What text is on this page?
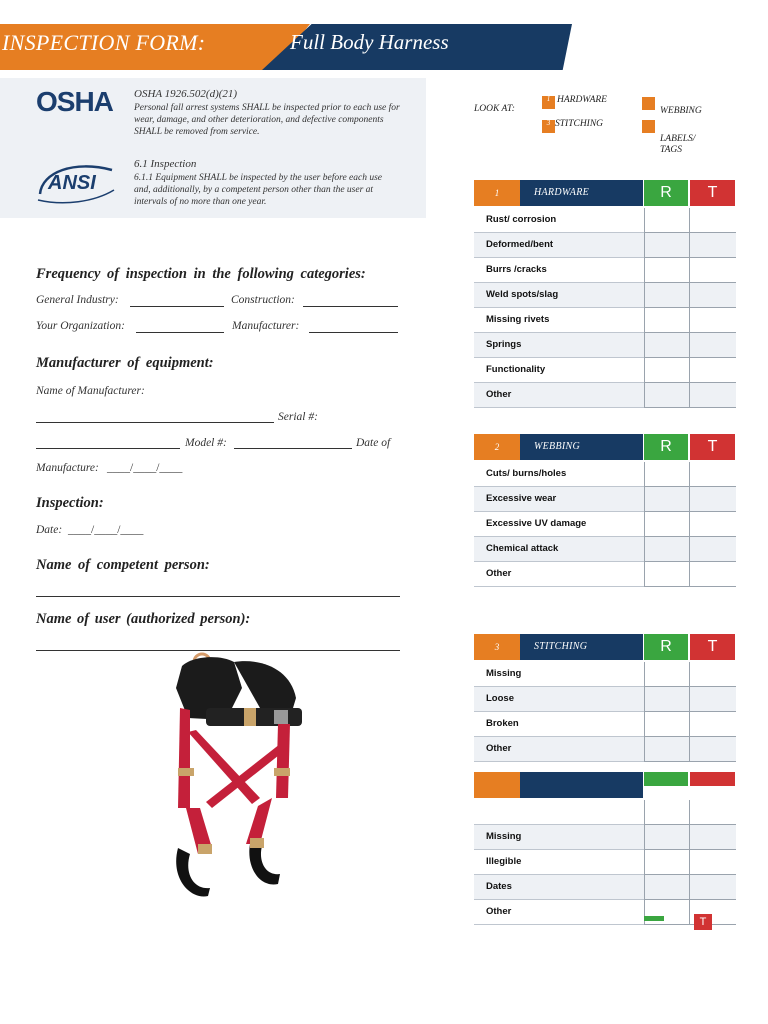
INSPECTION FORM:	Full Body Harness
OSHA OSHA 1926.502(d)(21)
Personal fall arrest systems SHALL be inspected prior to each use for wear, damage, and other deterioration, and defective components SHALL be removed from service.
ANSI
6.1 Inspection
6.1.1 Equipment SHALL be inspected by the user before each use and, additionally, by a competent person other than the user at intervals of no more than one year.
LOOK AT:
1 HARDWARE
3 STITCHING
WEBBING
LABELS/ TAGS
Frequency of inspection in the following categories:
General Industry:	Construction:
Your Organization:	Manufacturer:
Manufacturer of equipment:
Name of Manufacturer:
Serial #:
Model #:	Date of
Manufacture: ____/____/____
Inspection:
Date: ____/____/____
Name of competent person:
Name of user (authorized person):
1	HARDWARE	R	T
Rust/ corrosion
Deformed/bent
Burrs /cracks
Weld spots/slag
Missing rivets
Springs
Functionality
Other
2	WEBBING	R	T
Cuts/ burns/holes
Excessive wear
Excessive UV damage
Chemical attack
Other
3	STITCHING	R	T
Missing
Loose
Broken
Other
Missing
Illegible
Dates
Other
T
